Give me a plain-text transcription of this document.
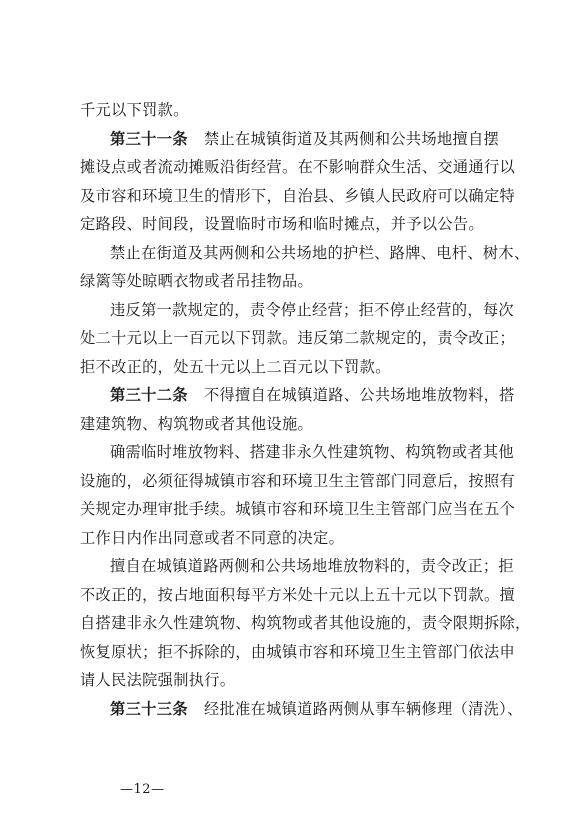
千元以下罚款。
第三十一条 禁止在城镇街道及其两侧和公共场地擅自摆
摊设点或者流动摊贩沿街经营。在不影响群众生活、交通通行以
及市容和环境卫生的情形下，自治县、乡镇人民政府可以确定特
定路段、时间段，设置临时市场和临时摊点，并予以公告。
禁止在街道及其两侧和公共场地的护栏、路牌、电杆、树木、
绿篱等处晾晒衣物或者吊挂物品。
违反第一款规定的，责令停止经营；拒不停止经营的，每次
处二十元以上一百元以下罚款。违反第二款规定的，责令改正；
拒不改正的，处五十元以上二百元以下罚款。
第三十二条 不得擅自在城镇道路、公共场地堆放物料，搭
建建筑物、构筑物或者其他设施。
确需临时堆放物料、搭建非永久性建筑物、构筑物或者其他
设施的，必须征得城镇市容和环境卫生主管部门同意后，按照有
关规定办理审批手续。城镇市容和环境卫生主管部门应当在五个
工作日内作出同意或者不同意的决定。
擅自在城镇道路两侧和公共场地堆放物料的，责令改正；拒
不改正的，按占地面积每平方米处十元以上五十元以下罚款。擅
自搭建非永久性建筑物、构筑物或者其他设施的，责令限期拆除，
恢复原状；拒不拆除的，由城镇市容和环境卫生主管部门依法申
请人民法院强制执行。
第三十三条 经批准在城镇道路两侧从事车辆修理（清洗）、
—12—
